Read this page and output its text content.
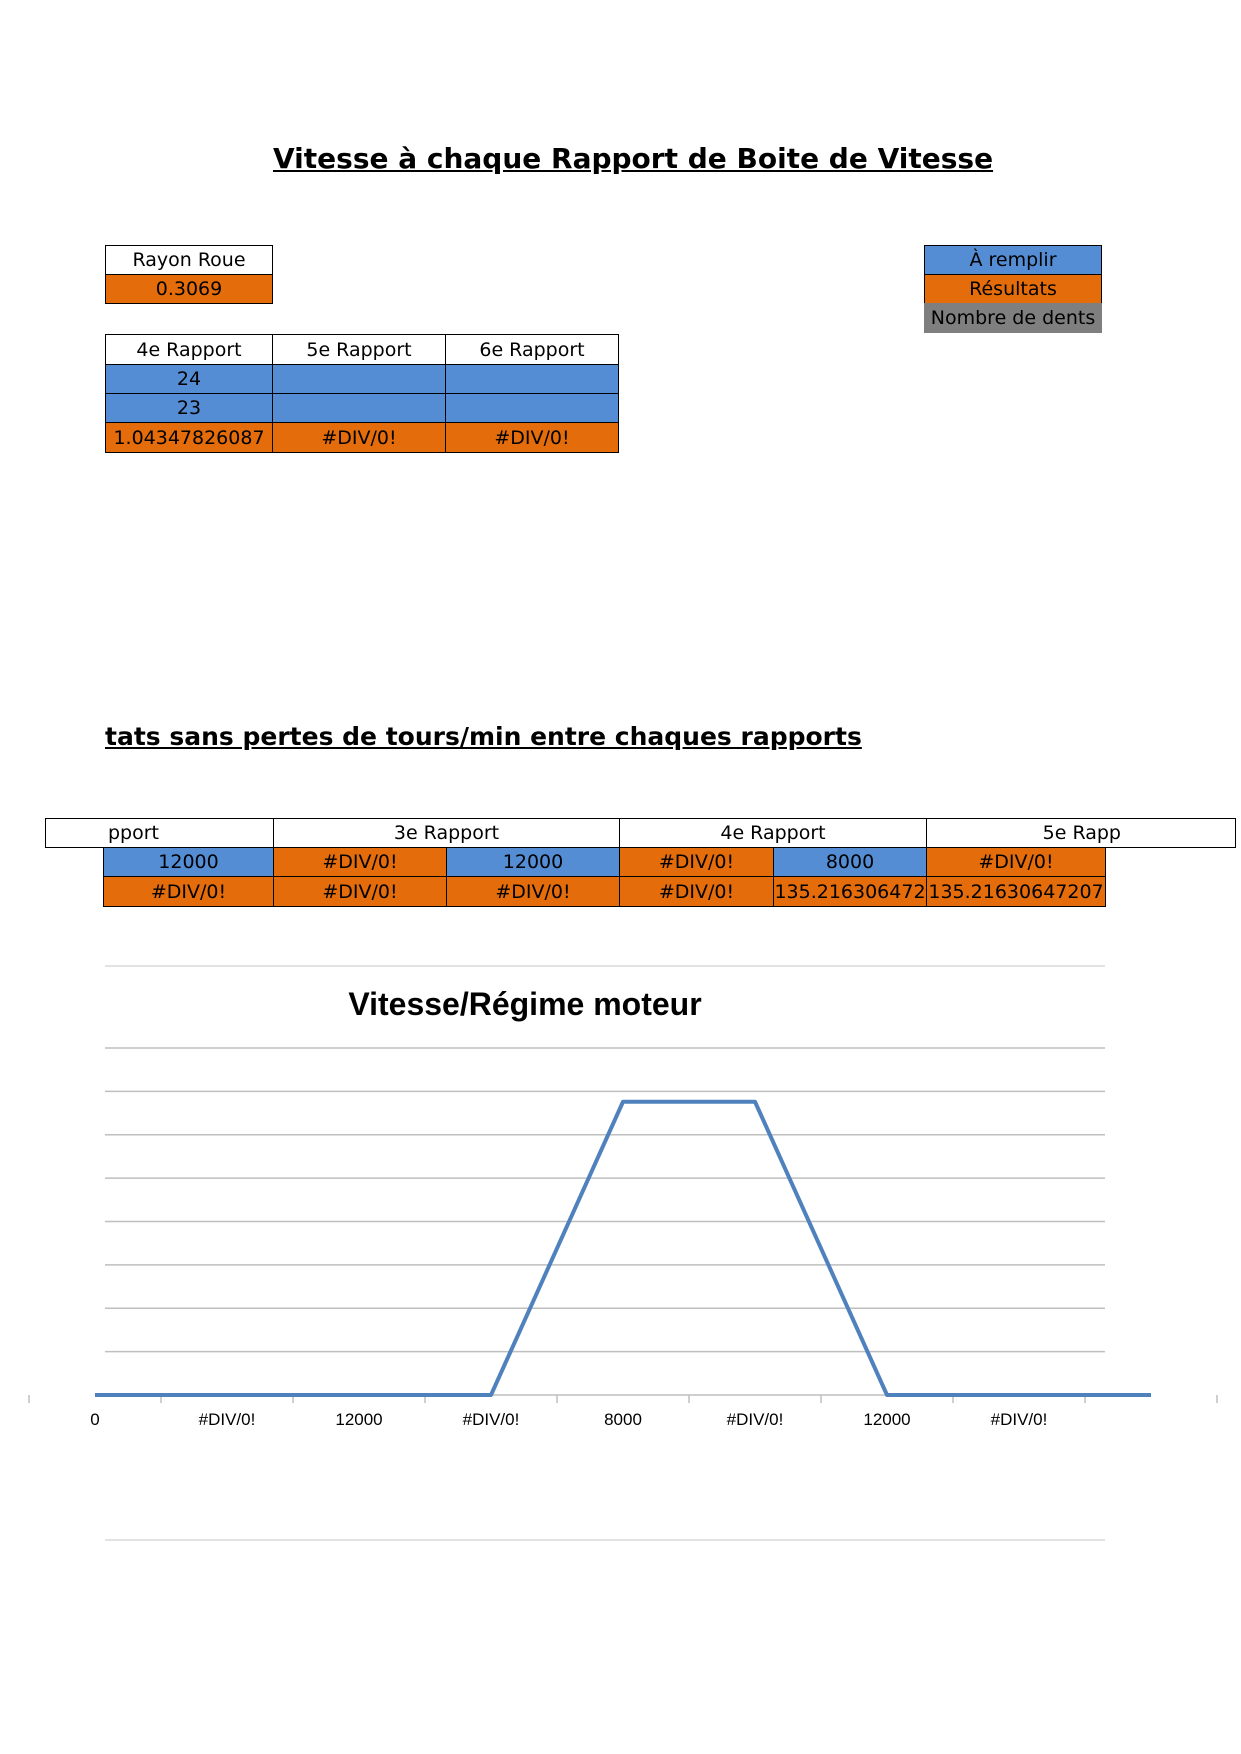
Vitesse à chaque Rapport de Boite de Vitesse
Rayon Roue
0.3069
À remplir
Résultats
Nombre de dents
4e Rapport	5e Rapport	6e Rapport
24
23
1.04347826087	#DIV/0!	#DIV/0!
tats sans pertes de tours/min entre chaques rapports
pport	3e Rapport	4e Rapport	5e Rapp
12000	#DIV/0!	12000	#DIV/0!	8000	#DIV/0!
#DIV/0!	#DIV/0!	#DIV/0!	#DIV/0!	135.216306472 135.21630647207
Vitesse/Régime moteur
0	#DIV/0!	12000	#DIV/0!	8000	#DIV/0!	12000	#DIV/0!
